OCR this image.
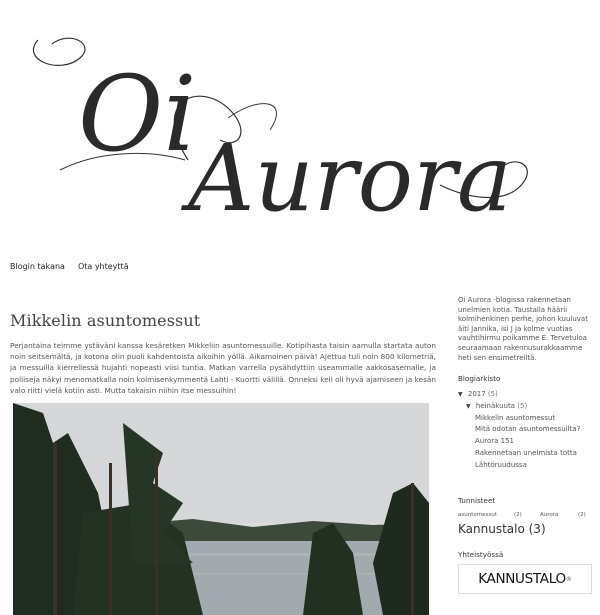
Oi
Aurora
Blogin takana Ota yhteyttä
Mikkelin asuntomessut

Perjantaina teimme ystäväni kanssa kesäretken Mikkeliin asuntomessuille. Kotipihasta taisin aamulla startata auton noin seitsemältä, ja kotona olin puoli kahdentoista aikoihin yöllä. Aikamoinen päivä! Ajettua tuli noin 800 kilometriä, ja messuilla kierrellessä hujahti nopeasti viisi tuntia. Matkan varrella pysähdyttiin useammalle aakkosasemalle, ja poliiseja näkyi menomatkalla noin kolmisenkymmentä Lahti - Kuortti välillä. Onneksi keli oli hyvä ajamiseen ja kesän valo riitti vielä kotiin asti. Mutta takaisin niihin itse messuihin!

Oi Aurora -blogissa rakennetaan unelmien kotia. Taustalla häärii kolmihenkinen perhe, johon kuuluvat äiti Jannika, isi J ja kolme vuotias vauhtihirmu poikamme E. Tervetuloa seuraamaan rakennusurakkaamme heti sen ensimetreiltä.

Blogiarkisto
▼ 2017 (5)
▼ heinäkuuta (5)
Mikkelin asuntomessut
Mitä odotan asuntomessuilta?
Aurora 151
Rakennetaan unelmista totta
Lähtöruudussa
Tunnisteet
asuntomessut	(2)	Aurora	(2)
Kannustalo (3)
Yhteistyössä
KANNUSTALO ®
